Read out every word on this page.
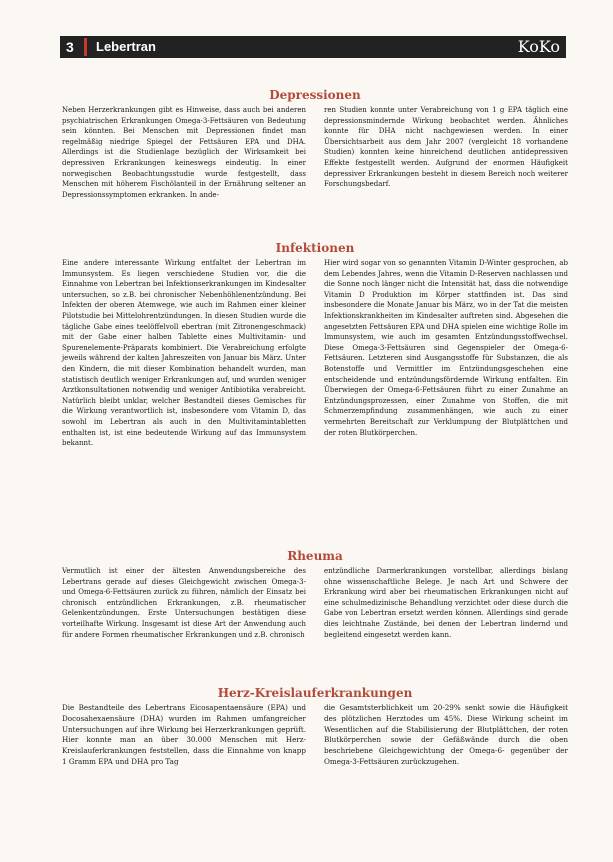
3 Lebertran	KoKo
Depressionen

Neben Herzerkrankungen gibt es Hinweise, dass auch bei anderen psychiatrischen Erkrankungen Omega-3-Fettsäuren von Bedeutung sein könnten. Bei Menschen mit Depressionen findet man regelmäßig niedrige Spiegel der Fettsäuren EPA und DHA. Allerdings ist die Studienlage bezüglich der Wirksamkeit bei depressiven Erkrankungen keineswegs eindeutig. In einer norwegischen Beobachtungsstudie wurde festgestellt, dass Menschen mit höherem Fischölanteil in der Ernährung seltener an Depressionssymptomen erkranken. In ande-

ren Studien konnte unter Verabreichung von 1 g EPA täglich eine depressionsmindernde Wirkung beobachtet werden. Ähnliches konnte für DHA nicht nachgewiesen werden. In einer Übersichtsarbeit aus dem Jahr 2007 (vergleicht 18 vorhandene Studien) konnten keine hinreichend deutlichen antidepressiven Effekte festgestellt werden. Aufgrund der enormen Häufigkeit depressiver Erkrankungen besteht in diesem Bereich noch weiterer Forschungsbedarf.

Infektionen

Eine andere interessante Wirkung entfaltet der Lebertran im Immunsystem. Es liegen verschiedene Studien vor, die die Einnahme von Lebertran bei Infektionserkrankungen im Kindesalter untersuchen, so z.B. bei chronischer Nebenhöhlenentzündung. Bei Infekten der oberen Atemwege, wie auch im Rahmen einer kleiner Pilotstudie bei Mittelohrentzündungen. In diesen Studien wurde die tägliche Gabe eines teelöffelvoll ebertran (mit Zitronengeschmack) mit der Gabe einer halben Tablette eines Multivitamin- und Spurenelemente-Präparats kombiniert. Die Verabreichung erfolgte jeweils während der kalten Jahreszeiten von Januar bis März. Unter den Kindern, die mit dieser Kombination behandelt wurden, man statistisch deutlich weniger Erkrankungen auf, und wurden weniger Arztkonsultationen notwendig und weniger Antibiotika verabreicht. Natürlich bleibt unklar, welcher Bestandteil dieses Gemisches für die Wirkung verantwortlich ist, insbesondere vom Vitamin D, das sowohl im Lebertran als auch in den Multivitamintabletten enthalten ist, ist eine bedeutende Wirkung auf das Immunsystem bekannt.

Hier wird sogar von so genannten Vitamin D-Winter gesprochen, ab dem Lebendes Jahres, wenn die Vitamin D-Reserven nachlassen und die Sonne noch länger nicht die Intensität hat, dass die notwendige Vitamin D Produktion im Körper stattfinden ist. Das sind insbesondere die Monate Januar bis März, wo in der Tat die meisten Infektionskrankheiten im Kindesalter auftreten sind. Abgesehen die angesetzten Fettsäuren EPA und DHA spielen eine wichtige Rolle im Immunsystem, wie auch im gesamten Entzündungsstoffwechsel. Diese Omega-3-Fettsäuren sind Gegenspieler der Omega-6-Fettsäuren. Letzteren sind Ausgangsstoffe für Substanzen, die als Botenstoffe und Vermittler im Entzündungsgeschehen eine entscheidende und entzündungsfördernde Wirkung entfalten. Ein Überwiegen der Omega-6-Fettsäuren führt zu einer Zunahme an Entzündungsprozessen, einer Zunahme von Stoffen, die mit Schmerzempfindung zusammenhängen, wie auch zu einer vermehrten Bereitschaft zur Verklumpung der Blutplättchen und der roten Blutkörperchen.

Rheuma

Vermutlich ist einer der ältesten Anwendungsbereiche des Lebertrans gerade auf dieses Gleichgewicht zwischen Omega-3- und Omega-6-Fettsäuren zurück zu führen, nämlich der Einsatz bei chronisch entzündlichen Erkrankungen, z.B. rheumatischer Gelenkentzündungen. Erste Untersuchungen bestätigen diese vorteilhafte Wirkung. Insgesamt ist diese Art der Anwendung auch für andere Formen rheumatischer Erkrankungen und z.B. chronisch

entzündliche Darmerkrankungen vorstellbar, allerdings bislang ohne wissenschaftliche Belege. Je nach Art und Schwere der Erkrankung wird aber bei rheumatischen Erkrankungen nicht auf eine schulmedizinische Behandlung verzichtet oder diese durch die Gabe von Lebertran ersetzt werden können. Allerdings sind gerade dies leichtnahe Zustände, bei denen der Lebertran lindernd und begleitend eingesetzt werden kann.

Herz-Kreislauferkrankungen

Die Bestandteile des Lebertrans Eicosapentaensäure (EPA) und Docosahexaensäure (DHA) wurden im Rahmen umfangreicher Untersuchungen auf ihre Wirkung bei Herzerkrankungen geprüft. Hier konnte man an über 30.000 Menschen mit Herz-Kreislauferkrankungen feststellen, dass die Einnahme von knapp 1 Gramm EPA und DHA pro Tag

die Gesamtsterblichkeit um 20-29% senkt sowie die Häufigkeit des plötzlichen Herztodes um 45%. Diese Wirkung scheint im Wesentlichen auf die Stabilisierung der Blutplättchen, der roten Blutkörperchen sowie der Gefäßwände durch die oben beschriebene Gleichgewichtung der Omega-6- gegenüber der Omega-3-Fettsäuren zurückzugehen.
